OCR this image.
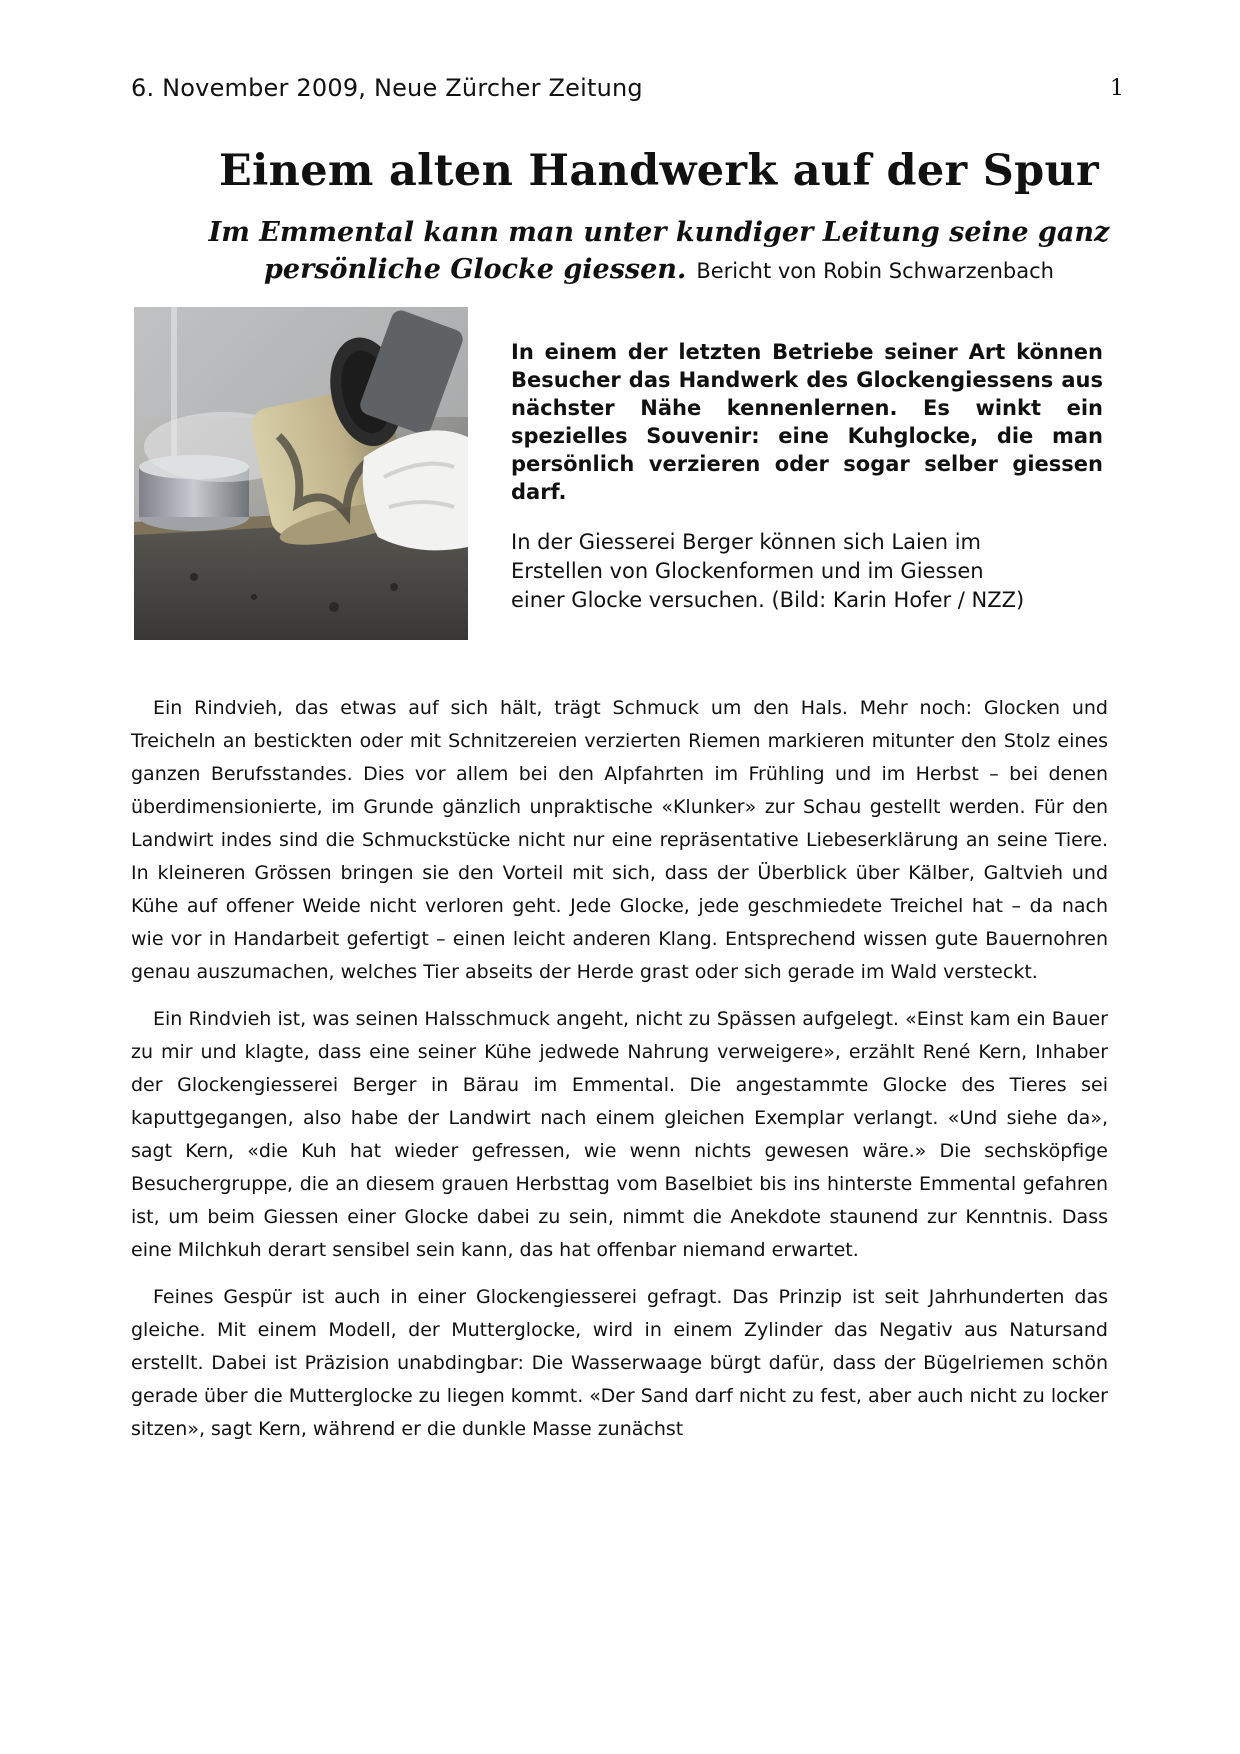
6. November 2009, Neue Zürcher Zeitung	1
Einem alten Handwerk auf der Spur
Im Emmental kann man unter kundiger Leitung seine ganz persönliche Glocke giessen. Bericht von Robin Schwarzenbach

In einem der letzten Betriebe seiner Art können Besucher das Handwerk des Glockengiessens aus nächster Nähe kennenlernen. Es winkt ein spezielles Souvenir: eine Kuhglocke, die man persönlich verzieren oder sogar selber giessen darf.

In der Giesserei Berger können sich Laien im Erstellen von Glockenformen und im Giessen einer Glocke versuchen. (Bild: Karin Hofer / NZZ)

Ein Rindvieh, das etwas auf sich hält, trägt Schmuck um den Hals. Mehr noch: Glocken und Treicheln an bestickten oder mit Schnitzereien verzierten Riemen markieren mitunter den Stolz eines ganzen Berufsstandes. Dies vor allem bei den Alpfahrten im Frühling und im Herbst – bei denen überdimensionierte, im Grunde gänzlich unpraktische «Klunker» zur Schau gestellt werden. Für den Landwirt indes sind die Schmuckstücke nicht nur eine repräsentative Liebeserklärung an seine Tiere. In kleineren Grössen bringen sie den Vorteil mit sich, dass der Überblick über Kälber, Galtvieh und Kühe auf offener Weide nicht verloren geht. Jede Glocke, jede geschmiedete Treichel hat – da nach wie vor in Handarbeit gefertigt – einen leicht anderen Klang. Entsprechend wissen gute Bauernohren genau auszumachen, welches Tier abseits der Herde grast oder sich gerade im Wald versteckt.

Ein Rindvieh ist, was seinen Halsschmuck angeht, nicht zu Spässen aufgelegt. «Einst kam ein Bauer zu mir und klagte, dass eine seiner Kühe jedwede Nahrung verweigere», erzählt René Kern, Inhaber der Glockengiesserei Berger in Bärau im Emmental. Die angestammte Glocke des Tieres sei kaputtgegangen, also habe der Landwirt nach einem gleichen Exemplar verlangt. «Und siehe da», sagt Kern, «die Kuh hat wieder gefressen, wie wenn nichts gewesen wäre.» Die sechsköpfige Besuchergruppe, die an diesem grauen Herbsttag vom Baselbiet bis ins hinterste Emmental gefahren ist, um beim Giessen einer Glocke dabei zu sein, nimmt die Anekdote staunend zur Kenntnis. Dass eine Milchkuh derart sensibel sein kann, das hat offenbar niemand erwartet.

Feines Gespür ist auch in einer Glockengiesserei gefragt. Das Prinzip ist seit Jahrhunderten das gleiche. Mit einem Modell, der Mutterglocke, wird in einem Zylinder das Negativ aus Natursand erstellt. Dabei ist Präzision unabdingbar: Die Wasserwaage bürgt dafür, dass der Bügelriemen schön gerade über die Mutterglocke zu liegen kommt. «Der Sand darf nicht zu fest, aber auch nicht zu locker sitzen», sagt Kern, während er die dunkle Masse zunächst
